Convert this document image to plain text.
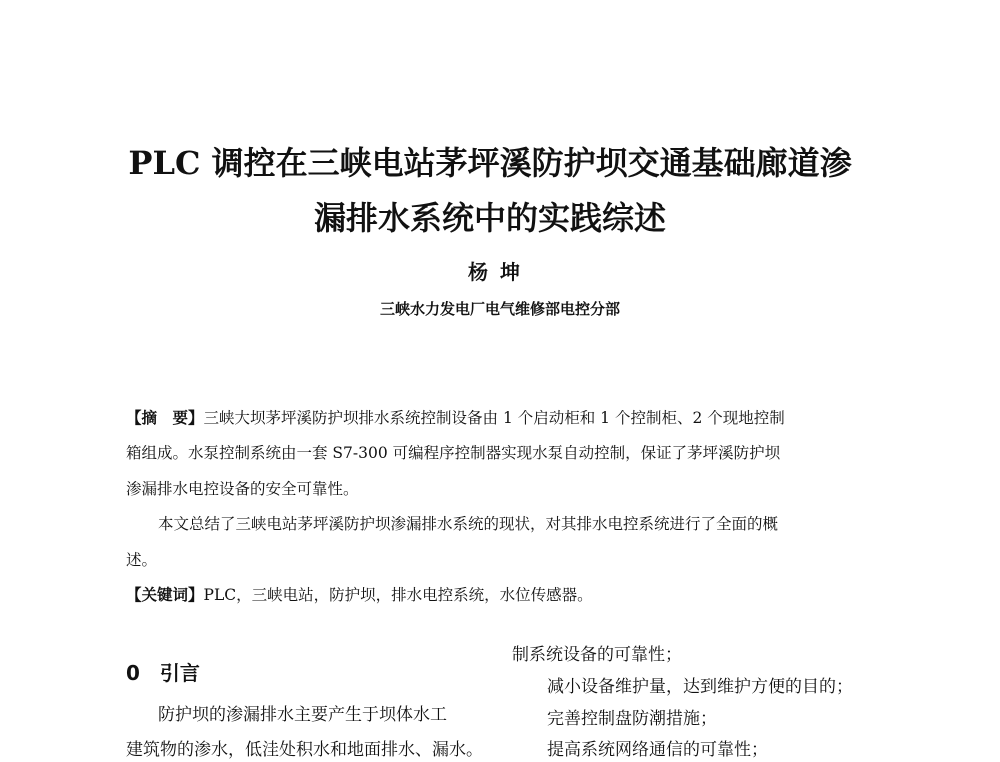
PLC 调控在三峡电站茅坪溪防护坝交通基础廊道渗
漏排水系统中的实践综述

杨坤

三峡水力发电厂电气维修部电控分部

【摘　要】三峡大坝茅坪溪防护坝排水系统控制设备由 1 个启动柜和 1 个控制柜、2 个现地控制

箱组成。水泵控制系统由一套 S7-300 可编程序控制器实现水泵自动控制，保证了茅坪溪防护坝

渗漏排水电控设备的安全可靠性。

本文总结了三峡电站茅坪溪防护坝渗漏排水系统的现状，对其排水电控系统进行了全面的概

述。

【关键词】PLC，三峡电站，防护坝，排水电控系统，水位传感器。

0　引言

防护坝的渗漏排水主要产生于坝体水工

建筑物的渗水，低洼处积水和地面排水、漏水。

制系统设备的可靠性；

减小设备维护量，达到维护方便的目的；

完善控制盘防潮措施；

提高系统网络通信的可靠性；
